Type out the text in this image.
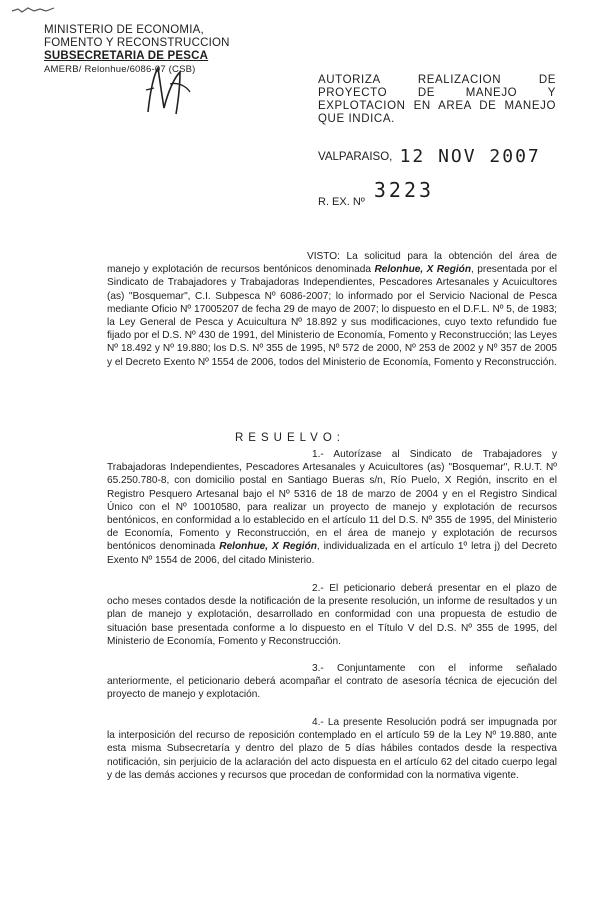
MINISTERIO DE ECONOMIA,
FOMENTO Y RECONSTRUCCION
SUBSECRETARIA DE PESCA
AMERB/ Relonhue/6086-07 (CSB)
AUTORIZA REALIZACION DE PROYECTO DE MANEJO Y EXPLOTACION EN AREA DE MANEJO QUE INDICA.
VALPARAISO, 12 NOV 2007
R. EX. Nº 3223
VISTO: La solicitud para la obtención del área de manejo y explotación de recursos bentónicos denominada Relonhue, X Región, presentada por el Sindicato de Trabajadores y Trabajadoras Independientes, Pescadores Artesanales y Acuicultores (as) "Bosquemar", C.I. Subpesca Nº 6086-2007; lo informado por el Servicio Nacional de Pesca mediante Oficio Nº 17005207 de fecha 29 de mayo de 2007; lo dispuesto en el D.F.L. Nº 5, de 1983; la Ley General de Pesca y Acuicultura Nº 18.892 y sus modificaciones, cuyo texto refundido fue fijado por el D.S. Nº 430 de 1991, del Ministerio de Economía, Fomento y Reconstrucción; las Leyes Nº 18.492 y Nº 19.880; los D.S. Nº 355 de 1995, Nº 572 de 2000, Nº 253 de 2002 y Nº 357 de 2005 y el Decreto Exento Nº 1554 de 2006, todos del Ministerio de Economía, Fomento y Reconstrucción.
RESUELVO:
1.- Autorízase al Sindicato de Trabajadores y Trabajadoras Independientes, Pescadores Artesanales y Acuicultores (as) "Bosquemar", R.U.T. Nº 65.250.780-8, con domicilio postal en Santiago Bueras s/n, Río Puelo, X Región, inscrito en el Registro Pesquero Artesanal bajo el Nº 5316 de 18 de marzo de 2004 y en el Registro Sindical Único con el Nº 10010580, para realizar un proyecto de manejo y explotación de recursos bentónicos, en conformidad a lo establecido en el artículo 11 del D.S. Nº 355 de 1995, del Ministerio de Economía, Fomento y Reconstrucción, en el área de manejo y explotación de recursos bentónicos denominada Relonhue, X Región, individualizada en el artículo 1º letra j) del Decreto Exento Nº 1554 de 2006, del citado Ministerio.
2.- El peticionario deberá presentar en el plazo de ocho meses contados desde la notificación de la presente resolución, un informe de resultados y un plan de manejo y explotación, desarrollado en conformidad con una propuesta de estudio de situación base presentada conforme a lo dispuesto en el Título V del D.S. Nº 355 de 1995, del Ministerio de Economía, Fomento y Reconstrucción.
3.- Conjuntamente con el informe señalado anteriormente, el peticionario deberá acompañar el contrato de asesoría técnica de ejecución del proyecto de manejo y explotación.
4.- La presente Resolución podrá ser impugnada por la interposición del recurso de reposición contemplado en el artículo 59 de la Ley Nº 19.880, ante esta misma Subsecretaría y dentro del plazo de 5 días hábiles contados desde la respectiva notificación, sin perjuicio de la aclaración del acto dispuesta en el artículo 62 del citado cuerpo legal y de las demás acciones y recursos que procedan de conformidad con la normativa vigente.
